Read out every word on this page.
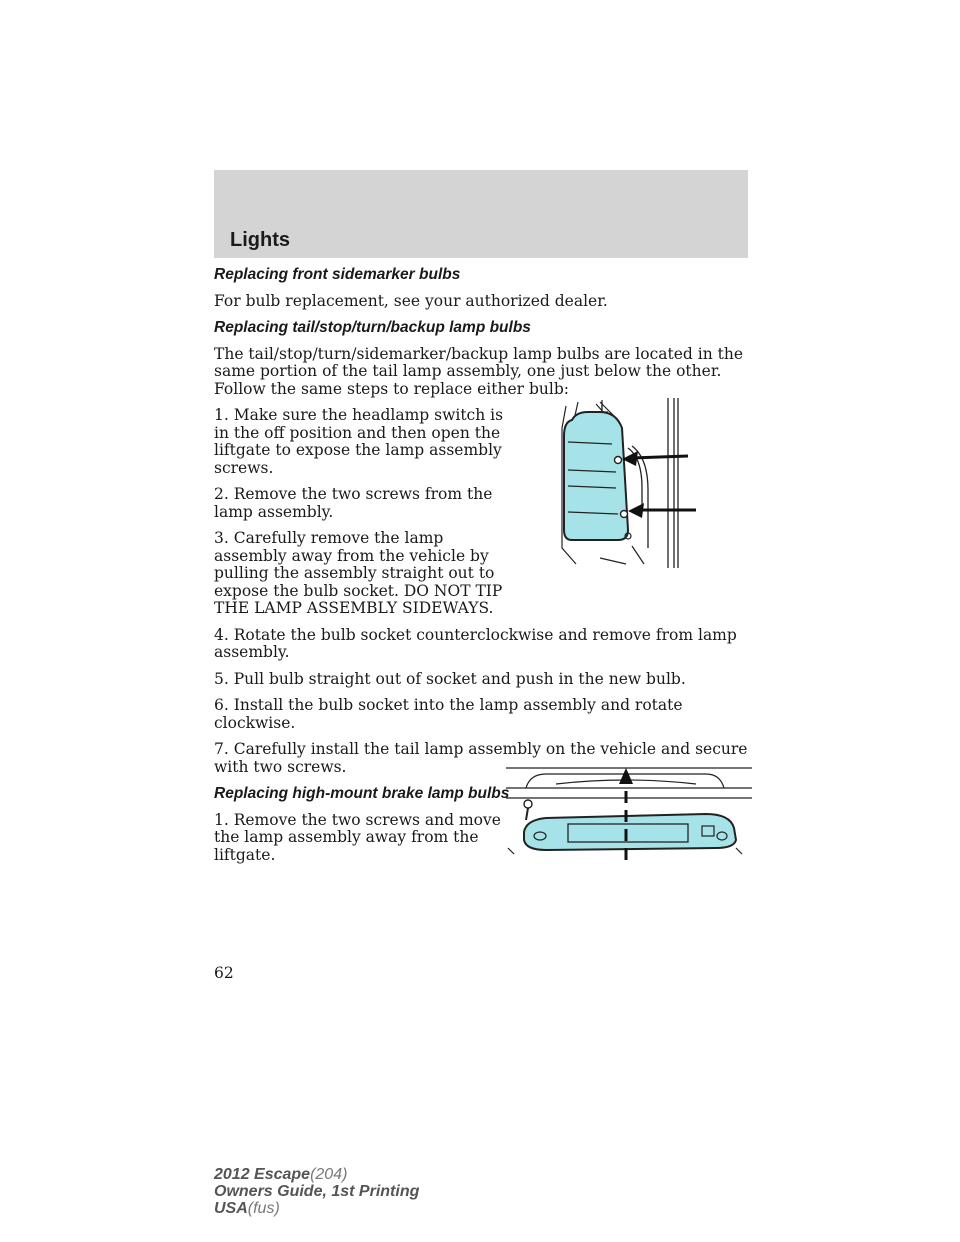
Lights
Replacing front sidemarker bulbs

For bulb replacement, see your authorized dealer.

Replacing tail/stop/turn/backup lamp bulbs

The tail/stop/turn/sidemarker/backup lamp bulbs are located in the same portion of the tail lamp assembly, one just below the other. Follow the same steps to replace either bulb:

1. Make sure the headlamp switch is in the off position and then open the liftgate to expose the lamp assembly screws.

2. Remove the two screws from the lamp assembly.

3. Carefully remove the lamp assembly away from the vehicle by pulling the assembly straight out to expose the bulb socket. DO NOT TIP THE LAMP ASSEMBLY SIDEWAYS.

4. Rotate the bulb socket counterclockwise and remove from lamp assembly.

5. Pull bulb straight out of socket and push in the new bulb.

6. Install the bulb socket into the lamp assembly and rotate clockwise.

7. Carefully install the tail lamp assembly on the vehicle and secure with two screws.

Replacing high-mount brake lamp bulbs

1. Remove the two screws and move the lamp assembly away from the liftgate.

62
2012 Escape(204)
Owners Guide, 1st Printing
USA(fus)
